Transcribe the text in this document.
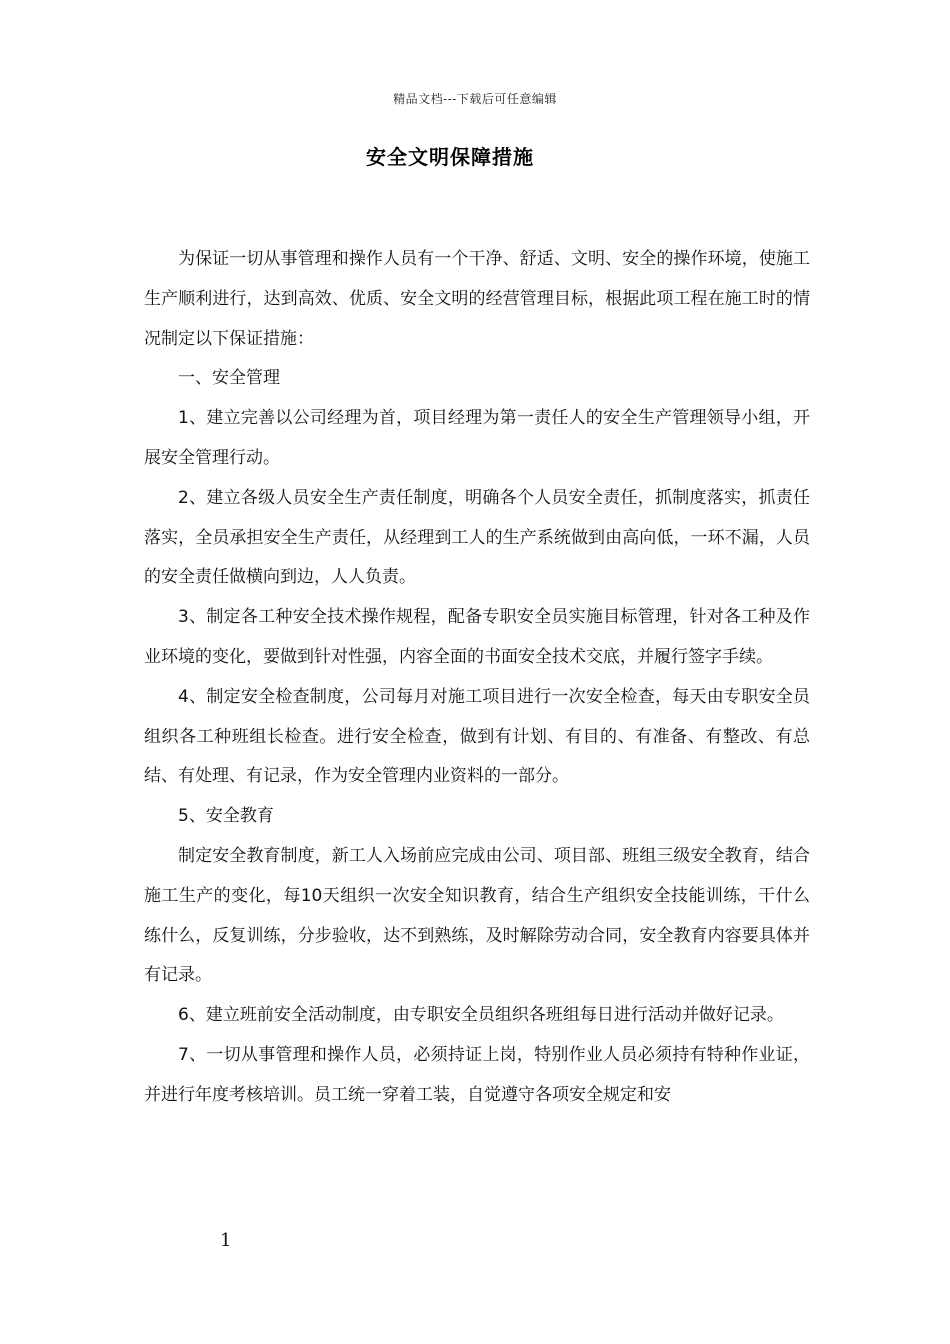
精品文档---下载后可任意编辑
安全文明保障措施

为保证一切从事管理和操作人员有一个干净、舒适、文明、安全的操作环境，使施工生产顺利进行，达到高效、优质、安全文明的经营管理目标，根据此项工程在施工时的情况制定以下保证措施：

一、安全管理

1、建立完善以公司经理为首，项目经理为第一责任人的安全生产管理领导小组，开展安全管理行动。

2、建立各级人员安全生产责任制度，明确各个人员安全责任，抓制度落实，抓责任落实，全员承担安全生产责任，从经理到工人的生产系统做到由高向低，一环不漏，人员的安全责任做横向到边，人人负责。

3、制定各工种安全技术操作规程，配备专职安全员实施目标管理，针对各工种及作业环境的变化，要做到针对性强，内容全面的书面安全技术交底，并履行签字手续。

4、制定安全检查制度，公司每月对施工项目进行一次安全检查，每天由专职安全员组织各工种班组长检查。进行安全检查，做到有计划、有目的、有准备、有整改、有总结、有处理、有记录，作为安全管理内业资料的一部分。

5、安全教育

制定安全教育制度，新工人入场前应完成由公司、项目部、班组三级安全教育，结合施工生产的变化，每10天组织一次安全知识教育，结合生产组织安全技能训练，干什么练什么，反复训练，分步验收，达不到熟练，及时解除劳动合同，安全教育内容要具体并有记录。

6、建立班前安全活动制度，由专职安全员组织各班组每日进行活动并做好记录。

7、一切从事管理和操作人员，必须持证上岗，特别作业人员必须持有特种作业证，并进行年度考核培训。员工统一穿着工装，自觉遵守各项安全规定和安

1
